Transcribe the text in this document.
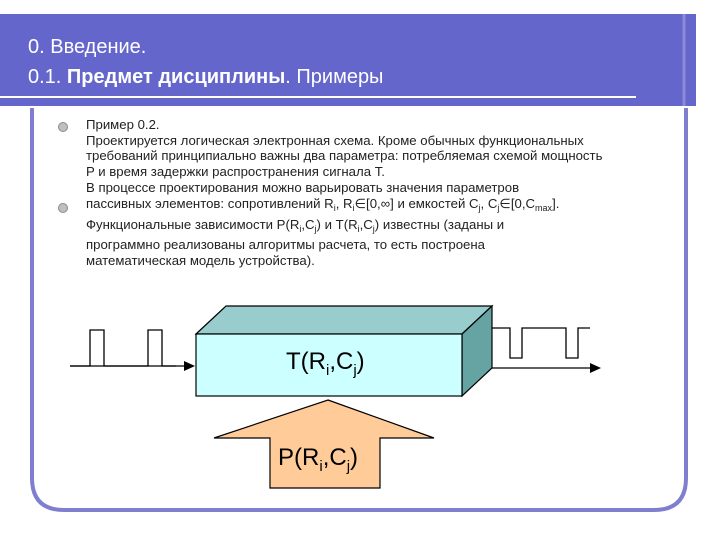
0. Введение.
0.1. Предмет дисциплины. Примеры

Пример 0.2.
Проектируется логическая электронная схема. Кроме обычных функциональных требований принципиально важны два параметра: потребляемая схемой мощность P и время задержки распространения сигнала T.

В процессе проектирования можно варьировать значения параметров
пассивных элементов: сопротивлений $R_i$, $R_i\in[0,\infty]$ и емкостей $C_j$, $C_j\in[0,C_{max}]$.
Функциональные зависимости $P(R_i,C_j)$ и $T(R_i,C_j)$ известны (заданы и
программно реализованы алгоритмы расчета, то есть построена
математическая модель устройства).

$T(R_i,C_j)$
$P(R_i,C_j)$
